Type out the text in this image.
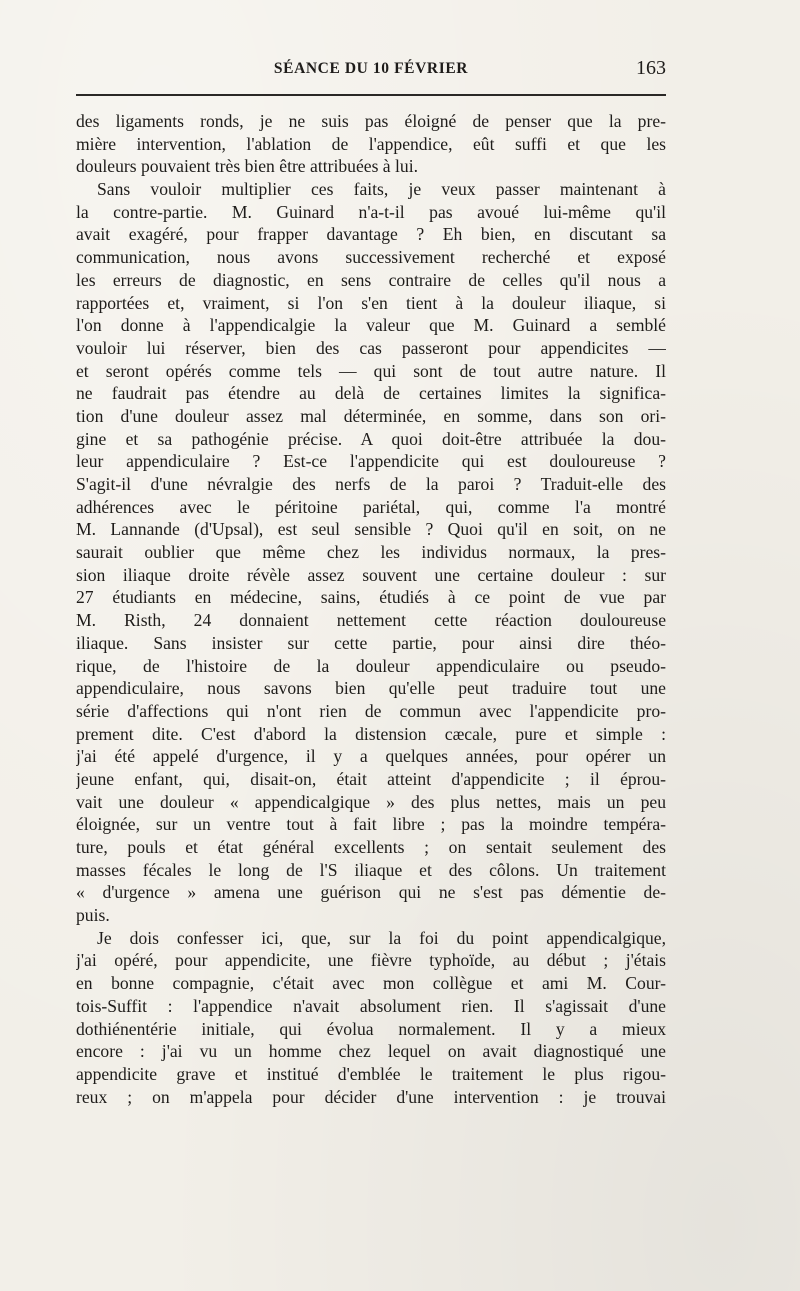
SÉANCE DU 10 FÉVRIER	163
des ligaments ronds, je ne suis pas éloigné de penser que la pre-
mière intervention, l'ablation de l'appendice, eût suffi et que les
douleurs pouvaient très bien être attribuées à lui.
Sans vouloir multiplier ces faits, je veux passer maintenant à
la contre-partie. M. Guinard n'a-t-il pas avoué lui-même qu'il
avait exagéré, pour frapper davantage ? Eh bien, en discutant sa
communication, nous avons successivement recherché et exposé
les erreurs de diagnostic, en sens contraire de celles qu'il nous a
rapportées et, vraiment, si l'on s'en tient à la douleur iliaque, si
l'on donne à l'appendicalgie la valeur que M. Guinard a semblé
vouloir lui réserver, bien des cas passeront pour appendicites —
et seront opérés comme tels — qui sont de tout autre nature. Il
ne faudrait pas étendre au delà de certaines limites la significa-
tion d'une douleur assez mal déterminée, en somme, dans son ori-
gine et sa pathogénie précise. A quoi doit-être attribuée la dou-
leur appendiculaire ? Est-ce l'appendicite qui est douloureuse ?
S'agit-il d'une névralgie des nerfs de la paroi ? Traduit-elle des
adhérences avec le péritoine pariétal, qui, comme l'a montré
M. Lannande (d'Upsal), est seul sensible ? Quoi qu'il en soit, on ne
saurait oublier que même chez les individus normaux, la pres-
sion iliaque droite révèle assez souvent une certaine douleur : sur
27 étudiants en médecine, sains, étudiés à ce point de vue par
M. Risth, 24 donnaient nettement cette réaction douloureuse
iliaque. Sans insister sur cette partie, pour ainsi dire théo-
rique, de l'histoire de la douleur appendiculaire ou pseudo-
appendiculaire, nous savons bien qu'elle peut traduire tout une
série d'affections qui n'ont rien de commun avec l'appendicite pro-
prement dite. C'est d'abord la distension cæcale, pure et simple :
j'ai été appelé d'urgence, il y a quelques années, pour opérer un
jeune enfant, qui, disait-on, était atteint d'appendicite ; il éprou-
vait une douleur « appendicalgique » des plus nettes, mais un peu
éloignée, sur un ventre tout à fait libre ; pas la moindre tempéra-
ture, pouls et état général excellents ; on sentait seulement des
masses fécales le long de l'S iliaque et des côlons. Un traitement
« d'urgence » amena une guérison qui ne s'est pas démentie de-
puis.
Je dois confesser ici, que, sur la foi du point appendicalgique,
j'ai opéré, pour appendicite, une fièvre typhoïde, au début ; j'étais
en bonne compagnie, c'était avec mon collègue et ami M. Cour-
tois-Suffit : l'appendice n'avait absolument rien. Il s'agissait d'une
dothiénentérie initiale, qui évolua normalement. Il y a mieux
encore : j'ai vu un homme chez lequel on avait diagnostiqué une
appendicite grave et institué d'emblée le traitement le plus rigou-
reux ; on m'appela pour décider d'une intervention : je trouvai
